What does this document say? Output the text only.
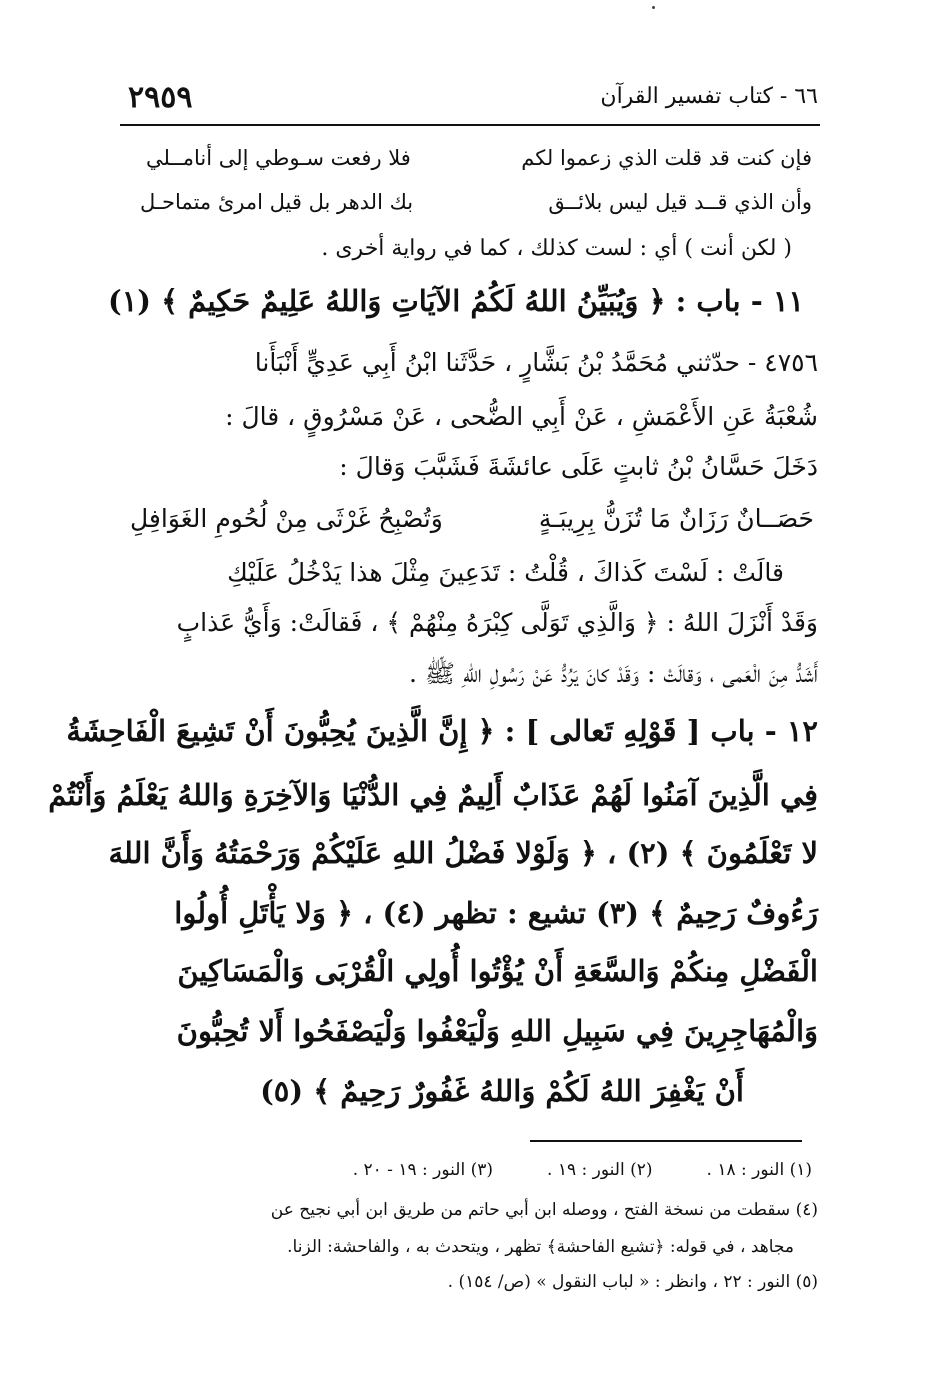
٢٩٥٩	٦٦ - كتاب تفسير القرآن
فإن كنت قد قلت الذي زعموا لكم
فلا رفعت سـوطي إلى أنامــلي
وأن الذي قــد قيل ليس بلائــق
بك الدهر بل قيل امرئ متماحـل
( لكن أنت ) أي : لست كذلك ، كما في رواية أخرى .
١١ - باب : ﴿ وَيُبَيِّنُ اللهُ لَكُمُ الآيَاتِ وَاللهُ عَلِيمٌ حَكِيمٌ ﴾ (١)
٤٧٥٦ - حدّثني مُحَمَّدُ بْنُ بَشَّارٍ ، حَدَّثَنا ابْنُ أَبِي عَدِيٍّ أَنْبَأَنا
شُعْبَةُ عَنِ الأَعْمَشِ ، عَنْ أَبِي الضُّحى ، عَنْ مَسْرُوقٍ ، قالَ :
دَخَلَ حَسَّانُ بْنُ ثابتٍ عَلَى عائشَةَ فَشَبَّبَ وَقالَ :
حَصَــانٌ رَزَانٌ مَا تُزَنُّ بِرِيبَـةٍ
وَتُصْبِحُ غَرْثَى مِنْ لُحُومِ الغَوَافِلِ
قالَتْ : لَسْتَ كَذاكَ ، قُلْتُ : تَدَعِينَ مِثْلَ هذا يَدْخُلُ عَلَيْكِ
وَقَدْ أَنْزَلَ اللهُ : ﴿ وَالَّذِي تَوَلَّى كِبْرَهُ مِنْهُمْ ﴾ ، فَقالَتْ: وَأَيُّ عَذابٍ
أَشَدُّ مِنَ الْعَمى ، وَقالَتْ : وَقَدْ كانَ يَرُدُّ عَنْ رَسُولِ اللهِ ﷺ .
١٢ - باب [ قَوْلِهِ تَعالى ] : ﴿ إِنَّ الَّذِينَ يُحِبُّونَ أَنْ تَشِيعَ الْفَاحِشَةُ
فِي الَّذِينَ آمَنُوا لَهُمْ عَذَابٌ أَلِيمٌ فِي الدُّنْيَا وَالآخِرَةِ وَاللهُ يَعْلَمُ وَأَنْتُمْ
لا تَعْلَمُونَ ﴾ (٢) ، ﴿ وَلَوْلا فَضْلُ اللهِ عَلَيْكُمْ وَرَحْمَتُهُ وَأَنَّ اللهَ
رَءُوفٌ رَحِيمٌ ﴾ (٣) تشيع : تظهر (٤) ، ﴿ وَلا يَأْتَلِ أُولُوا
الْفَضْلِ مِنكُمْ وَالسَّعَةِ أَنْ يُؤْتُوا أُولِي الْقُرْبَى وَالْمَسَاكِينَ
وَالْمُهَاجِرِينَ فِي سَبِيلِ اللهِ وَلْيَعْفُوا وَلْيَصْفَحُوا أَلا تُحِبُّونَ
أَنْ يَغْفِرَ اللهُ لَكُمْ وَاللهُ غَفُورٌ رَحِيمٌ ﴾ (٥)
(١) النور : ١٨ .          (٢) النور : ١٩ .          (٣) النور : ١٩ - ٢٠ .
(٤) سقطت من نسخة الفتح ، ووصله ابن أبي حاتم من طريق ابن أبي نجيح عن
مجاهد ، في قوله: ﴿تشيع الفاحشة﴾ تظهر ، ويتحدث به ، والفاحشة: الزنا.
(٥) النور : ٢٢ ، وانظر : « لباب النقول » (ص/ ١٥٤) .
